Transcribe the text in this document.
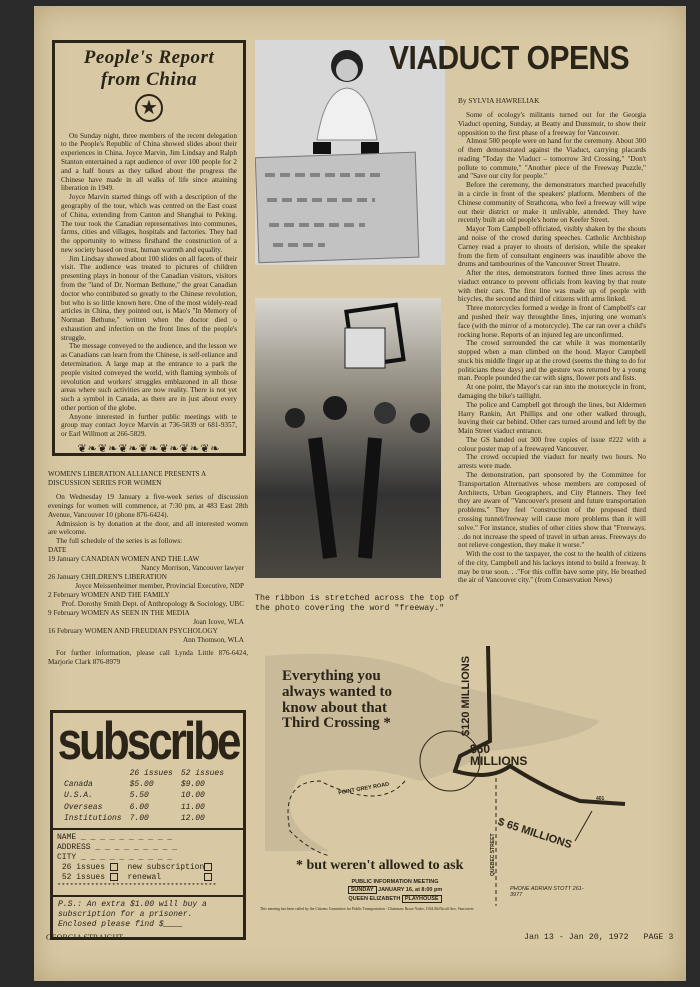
People's Report
from China
★

On Sunday night, three members of the recent delegation to the People's Republic of China showed slides about their experiences in China. Joyce Marvin, Jim Lindsay and Ralph Stanton entertained a rapt audience of over 100 people for 2 and a half hours as they talked about the progress the Chinese have made in all walks of life since attaining liberation in 1949.

Joyce Marvin started things off with a description of the geography of the tour, which was centred on the East coast of China, extending from Canton and Shanghai to Peking. The tour took the Canadian representatives into communes, farms, cities and villages, hospitals and factories. They had the opportunity to witness firsthand the construction of a new society based on trust, human warmth and equality.

Jim Lindsay showed about 100 slides on all facets of their visit. The audience was treated to pictures of children presenting plays in honour of the Canadian visitors, visitors from the "land of Dr. Norman Bethune," the great Canadian doctor who contributed so greatly to the Chinese revolution, but who is so little known here. One of the most widely-read articles in China, they pointed out, is Mao's "In Memory of Norman Bethune," written when the doctor died o exhaustion and infection on the front lines of the people's struggle.

The message conveyed to the audience, and the lesson we as Canadians can learn from the Chinese, is self-reliance and determination. A large map at the entrance to a park the people visited conveyed the world, with flaming symbols of revolution and workers' struggles emblazoned in all those areas where such activities are now reality. There is not yet such a symbol in Canada, as there are in just about every other portion of the globe.

Anyone interested in further public meetings with te group may contact Joyce Marvin at 736-5839 or 681-9357, or Earl Willmott at 266-5829.

❦❧❦❧❦❧❦❧❦❧❦❧❦❧
WOMEN'S LIBERATION ALLIANCE PRESENTS A DISCUSSION SERIES FOR WOMEN

On Wednesday 19 January a five-week series of discussion evenings for women will commence, at 7:30 pm, at 483 East 28th Avenue, Vancouver 10 (phone 876-6424).

Admission is by donation at the door, and all interested women are welcome.

The full schedule of the series is as follows:

DATE
19 January CANADIAN WOMEN AND THE LAW
Nancy Morrison, Vancouver lawyer
26 January CHILDREN'S LIBERATION
Joyce Meissenheimer member, Provincial Executive, NDP
2 February WOMEN AND THE FAMILY
Prof. Dorothy Smith Dept. of Anthropology & Sociology, UBC
9 February WOMEN AS SEEN IN THE MEDIA
Joan Icove, WLA
16 February WOMEN AND FREUDIAN PSYCHOLOGY
Ann Thomson, WLA

For further information, please call Lynda Little 876-6424, Marjorie Clark 876-8979

subscribe
	26 issues	52 issues
Canada	$5.00	$9.00
U.S.A.	5.50	10.00
Overseas	6.00	11.00
Institutions	7.00	12.00
NAME _ _ _ _ _ _ _ _ _ _
ADDRESS _ _ _ _ _ _ _ _ _
CITY _ _ _ _ _ _ _ _ _ _
26 issues	new subscription
52 issues	renewal
**************************************
P.S.: An extra $1.00 will buy a subscription for a prisoner.
Enclosed please find $____
VIADUCT OPENS
By SYLVIA HAWRELIAK

Some of ecology's militants turned out for the Georgia Viaduct opening, Sunday, at Beatty and Dunsmuir, to show their opposition to the first phase of a freeway for Vancouver.

Almost 500 people were on hand for the ceremony. About 300 of them demonstrated against the Viaduct, carrying placards reading "Today the Viaduct – tomorrow 3rd Crossing," "Don't pollute to commute," "Another piece of the Freeway Puzzle," and "Save our city for people."

Before the ceremony, the demonstrators marched peacefully in a circle in front of the speakers' platform. Members of the Chinese community of Strathcona, who feel a freeway will wipe out their district or make it unlivable, attended. They have recently built an old people's home on Keefer Street.

Mayor Tom Campbell officiated, visibly shaken by the shouts and noise of the crowd during speeches. Catholic Archbishop Carney read a prayer to shouts of derision, while the speaker from the firm of consultant engineers was inaudible above the drums and tambourines of the Vancouver Street Theatre.

After the rites, demonstrators formed three lines across the viaduct entrance to prevent officials from leaving by that route with their cars. The first line was made up of people with bicycles, the second and third of citizens with arms linked.

Three motorcycles formed a wedge in front of Campbell's car and pushed their way throughthe lines, injuring one woman's face (with the mirror of a motorcycle). The car ran over a child's rocking horse. Reports of an injured leg are unconfirmed.

The crowd surrounded the car while it was momentarily stopped when a man climbed on the hood. Mayor Campbell stuck his middle finger up at the crowd (seems the thing to do for politicians these days) and the gesture was returned by a young man. People pounded the car with signs, flower pots and fists.

At one point, the Mayor's car ran into the motorcycle in front, damaging the bike's taillight.

The police and Campbell got through the lines, but Aldermen Harry Rankin, Art Phillips and one other walked through, leaving their car behind. Other cars turned around and left by the Main Street viaduct entrance.

The GS handed out 300 free copies of issue #222 with a colour poster map of a freewayed Vancouver.

The crowd occupied the viaduct for nearly two hours. No arrests were made.

The demonstration, part sponsored by the Committee for Transportation Alternatives whose members are composed of Architects, Urban Geographers, and City Planners. They feel they are aware of "Vancouver's present and future transportation problems." They feel "construction of the proposed third crossing tunnel/freeway will cause more problems than it will solve." For instance, studies of other cities show that "Freeways. . .do not increase the speed of travel in urban areas. Freeways do not relieve congestion, they make it worse."

With the cost to the taxpayer, the cost to the health of citizens of the city, Campbell and his lackeys intend to build a freeway. It may be true soon. . ."For this coffin have some pity, He breathed the air of Vancouver city." (from Conservation News)

The ribbon is stretched across the top of the photo covering the word "freeway."
Everything you always wanted to know about that Third Crossing *	$120 MILLIONS
$60 MILLIONS
$ 65 MILLIONS
POINT GREY ROAD
QUEBEC STREET
401
* but weren't allowed to ask
PUBLIC INFORMATION MEETING
SUNDAY JANUARY 16, at 8:00 pm
QUEEN ELIZABETH PLAYHOUSE
PHONE ADRIAN STOTT 261-3977
This meeting has been called by the Citizens Committee for Public Transportation - Chairman: Bruce Yorke, 1924 McNicoll Ave, Vancouver
GEORGIA STRAIGHT	Jan 13 - Jan 20, 1972 PAGE 3
